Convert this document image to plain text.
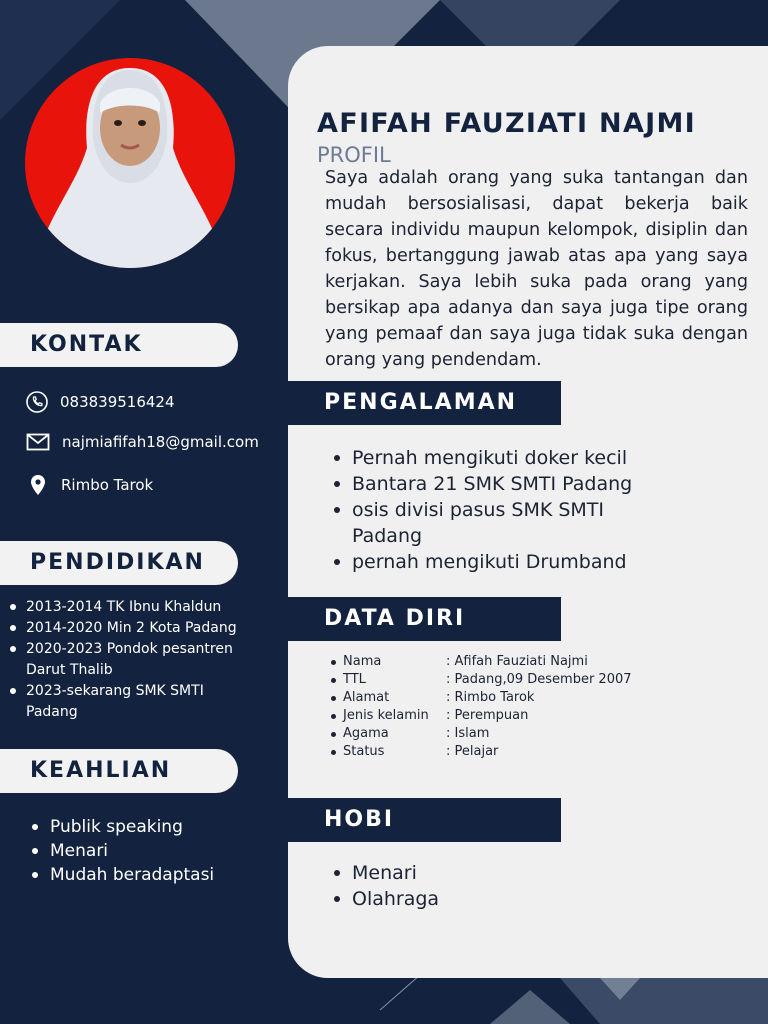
AFIFAH FAUZIATI NAJMI
PROFIL
Saya adalah orang yang suka tantangan dan mudah bersosialisasi, dapat bekerja baik secara individu maupun kelompok, disiplin dan fokus, bertanggung jawab atas apa yang saya kerjakan. Saya lebih suka pada orang yang bersikap apa adanya dan saya juga tipe orang yang pemaaf dan saya juga tidak suka dengan orang yang pendendam.
KONTAK
083839516424
najmiafifah18@gmail.com
Rimbo Tarok
PENDIDIKAN
2013-2014 TK Ibnu Khaldun
2014-2020 Min 2 Kota Padang
2020-2023 Pondok pesantren Darut Thalib
2023-sekarang SMK SMTI Padang
KEAHLIAN
Publik speaking
Menari
Mudah beradaptasi
PENGALAMAN
Pernah mengikuti doker kecil
Bantara 21 SMK SMTI Padang
osis divisi pasus SMK SMTI Padang
pernah mengikuti Drumband
DATA DIRI
Nama	: Afifah Fauziati Najmi
TTL	: Padang,09 Desember 2007
Alamat	: Rimbo Tarok
Jenis kelamin	: Perempuan
Agama	: Islam
Status	: Pelajar
HOBI
Menari
Olahraga
